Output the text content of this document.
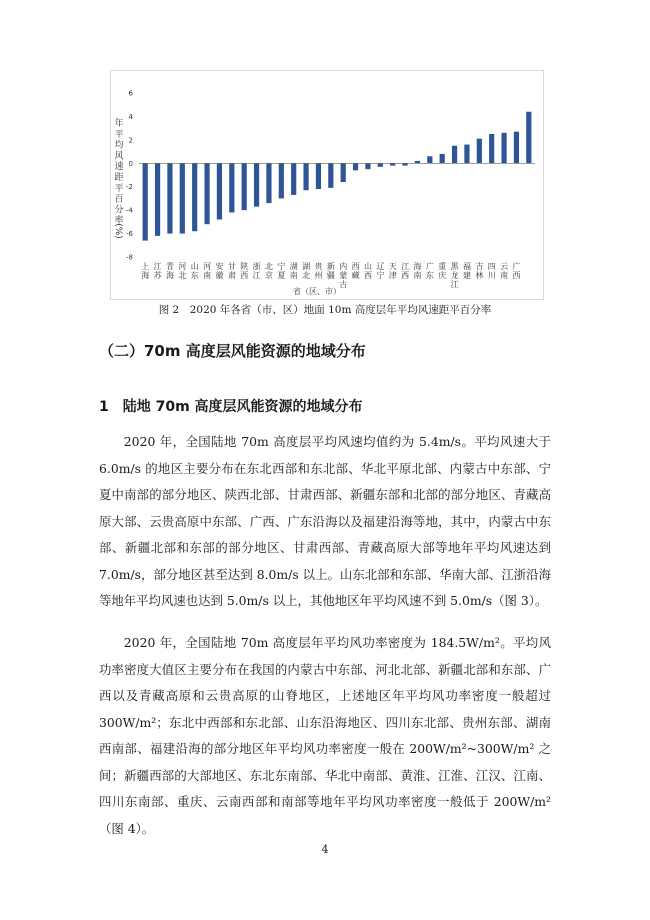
6
4
2
0
-2
-4
-6
-8
年
平
均
风
速
距
平
百
分
率
(%)
上
海
江
苏
青
海
河
北
山
东
河
南
安
徽
甘
肃
陕
西
浙
江
北
京
宁
夏
湖
南
湖
北
贵
州
新
疆
内
蒙
古
西
藏
山
西
辽
宁
天
津
江
西
海
南
广
东
重
庆
黑
龙
江
福
建
吉
林
四
川
云
南
广
西
省（区、市）
图 2　2020 年各省（市、区）地面 10m 高度层年平均风速距平百分率
（二）70m 高度层风能资源的地域分布
1　陆地 70m 高度层风能资源的地域分布
2020 年，全国陆地 70m 高度层平均风速均值约为 5.4m/s。平均风速大于 6.0m/s 的地区主要分布在东北西部和东北部、华北平原北部、内蒙古中东部、宁夏中南部的部分地区、陕西北部、甘肃西部、新疆东部和北部的部分地区、青藏高原大部、云贵高原中东部、广西、广东沿海以及福建沿海等地，其中，内蒙古中东部、新疆北部和东部的部分地区、甘肃西部、青藏高原大部等地年平均风速达到 7.0m/s，部分地区甚至达到 8.0m/s 以上。山东北部和东部、华南大部、江浙沿海等地年平均风速也达到 5.0m/s 以上，其他地区年平均风速不到 5.0m/s（图 3）。
2020 年，全国陆地 70m 高度层年平均风功率密度为 184.5W/m²。平均风功率密度大值区主要分布在我国的内蒙古中东部、河北北部、新疆北部和东部、广西以及青藏高原和云贵高原的山脊地区，上述地区年平均风功率密度一般超过 300W/m²；东北中西部和东北部、山东沿海地区、四川东北部、贵州东部、湖南西南部、福建沿海的部分地区年平均风功率密度一般在 200W/m²~300W/m² 之间；新疆西部的大部地区、东北东南部、华北中南部、黄淮、江淮、江汉、江南、四川东南部、重庆、云南西部和南部等地年平均风功率密度一般低于 200W/m²（图 4）。
4
